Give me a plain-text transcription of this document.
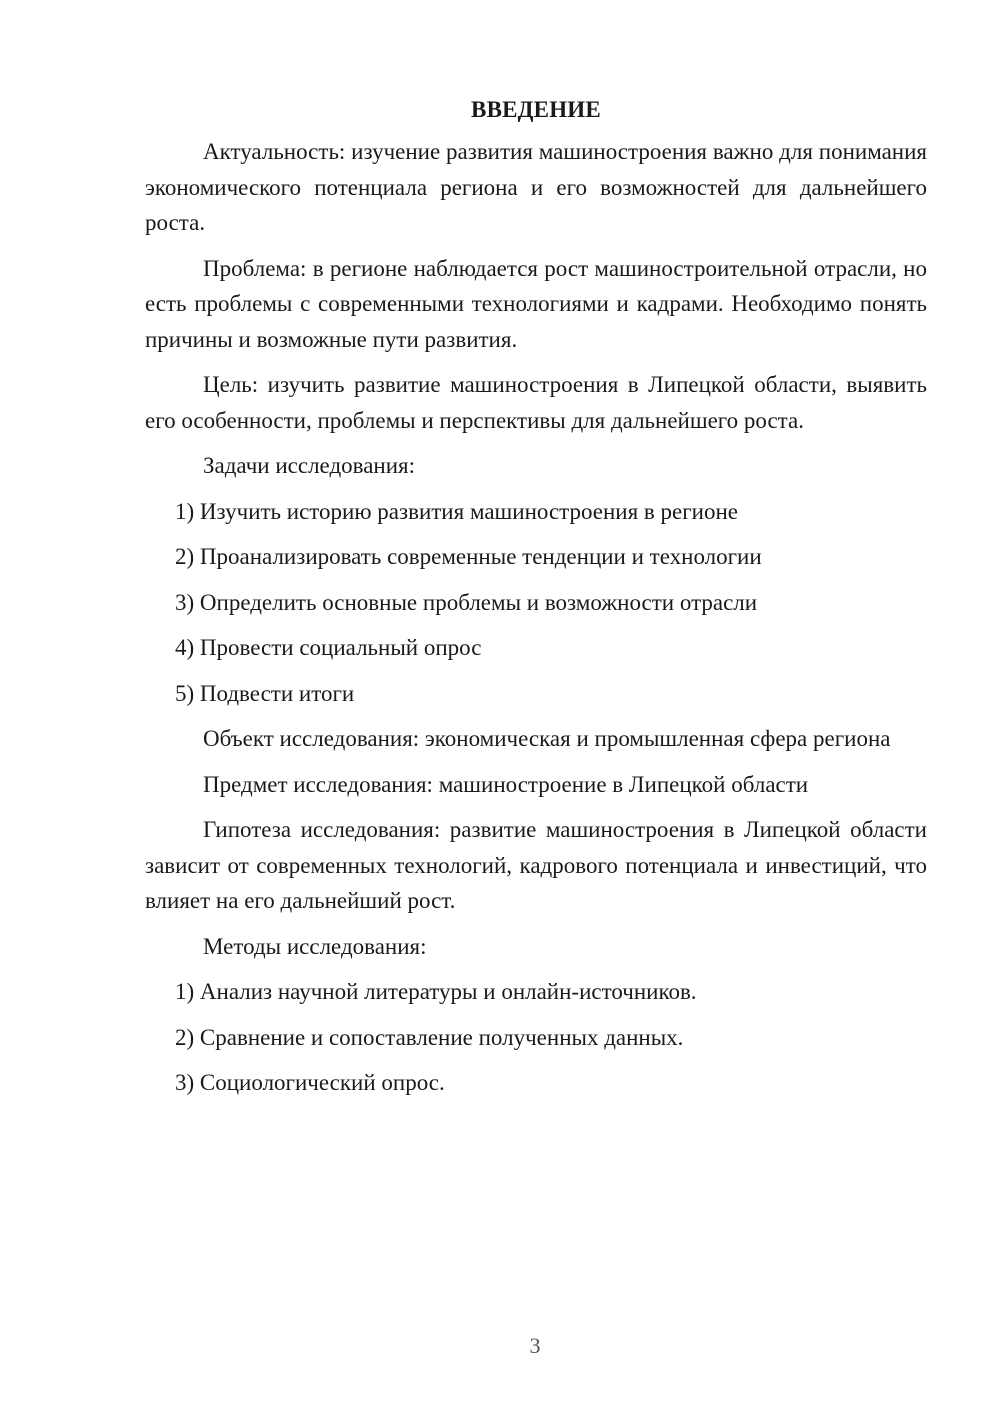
ВВЕДЕНИЕ

Актуальность: изучение развития машиностроения важно для понимания экономического потенциала региона и его возможностей для дальнейшего роста.

Проблема: в регионе наблюдается рост машиностроительной отрасли, но есть проблемы с современными технологиями и кадрами. Необходимо понять причины и возможные пути развития.

Цель: изучить развитие машиностроения в Липецкой области, выявить его особенности, проблемы и перспективы для дальнейшего роста.

Задачи исследования:

1) Изучить историю развития машиностроения в регионе

2) Проанализировать современные тенденции и технологии

3) Определить основные проблемы и возможности отрасли

4) Провести социальный опрос

5) Подвести итоги

Объект исследования: экономическая и промышленная сфера региона

Предмет исследования: машиностроение в Липецкой области

Гипотеза исследования: развитие машиностроения в Липецкой области зависит от современных технологий, кадрового потенциала и инвестиций, что влияет на его дальнейший рост.

Методы исследования:

1) Анализ научной литературы и онлайн-источников.

2) Сравнение и сопоставление полученных данных.

3) Социологический опрос.

3
